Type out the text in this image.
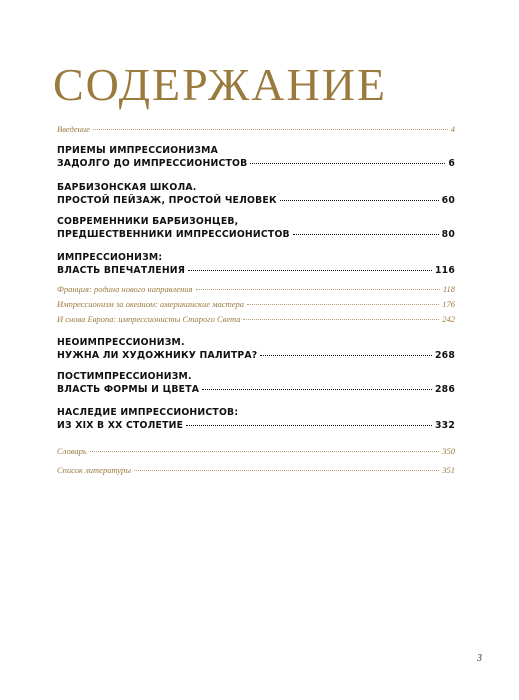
СОДЕРЖАНИЕ
Введение	4
ПРИЕМЫ ИМПРЕССИОНИЗМА
ЗАДОЛГО ДО ИМПРЕССИОНИСТОВ	6
БАРБИЗОНСКАЯ ШКОЛА.
ПРОСТОЙ ПЕЙЗАЖ, ПРОСТОЙ ЧЕЛОВЕК	60
СОВРЕМЕННИКИ БАРБИЗОНЦЕВ,
ПРЕДШЕСТВЕННИКИ ИМПРЕССИОНИСТОВ	80
ИМПРЕССИОНИЗМ:
ВЛАСТЬ ВПЕЧАТЛЕНИЯ	116
Франция: родина нового направления	118
Импрессионизм за океаном: американские мастера	176
И снова Европа: импрессионисты Старого Света	242
НЕОИМПРЕССИОНИЗМ.
НУЖНА ЛИ ХУДОЖНИКУ ПАЛИТРА?	268
ПОСТИМПРЕССИОНИЗМ.
ВЛАСТЬ ФОРМЫ И ЦВЕТА	286
НАСЛЕДИЕ ИМПРЕССИОНИСТОВ:
ИЗ XIX В XX СТОЛЕТИЕ	332
Словарь	350
Список литературы	351
3
